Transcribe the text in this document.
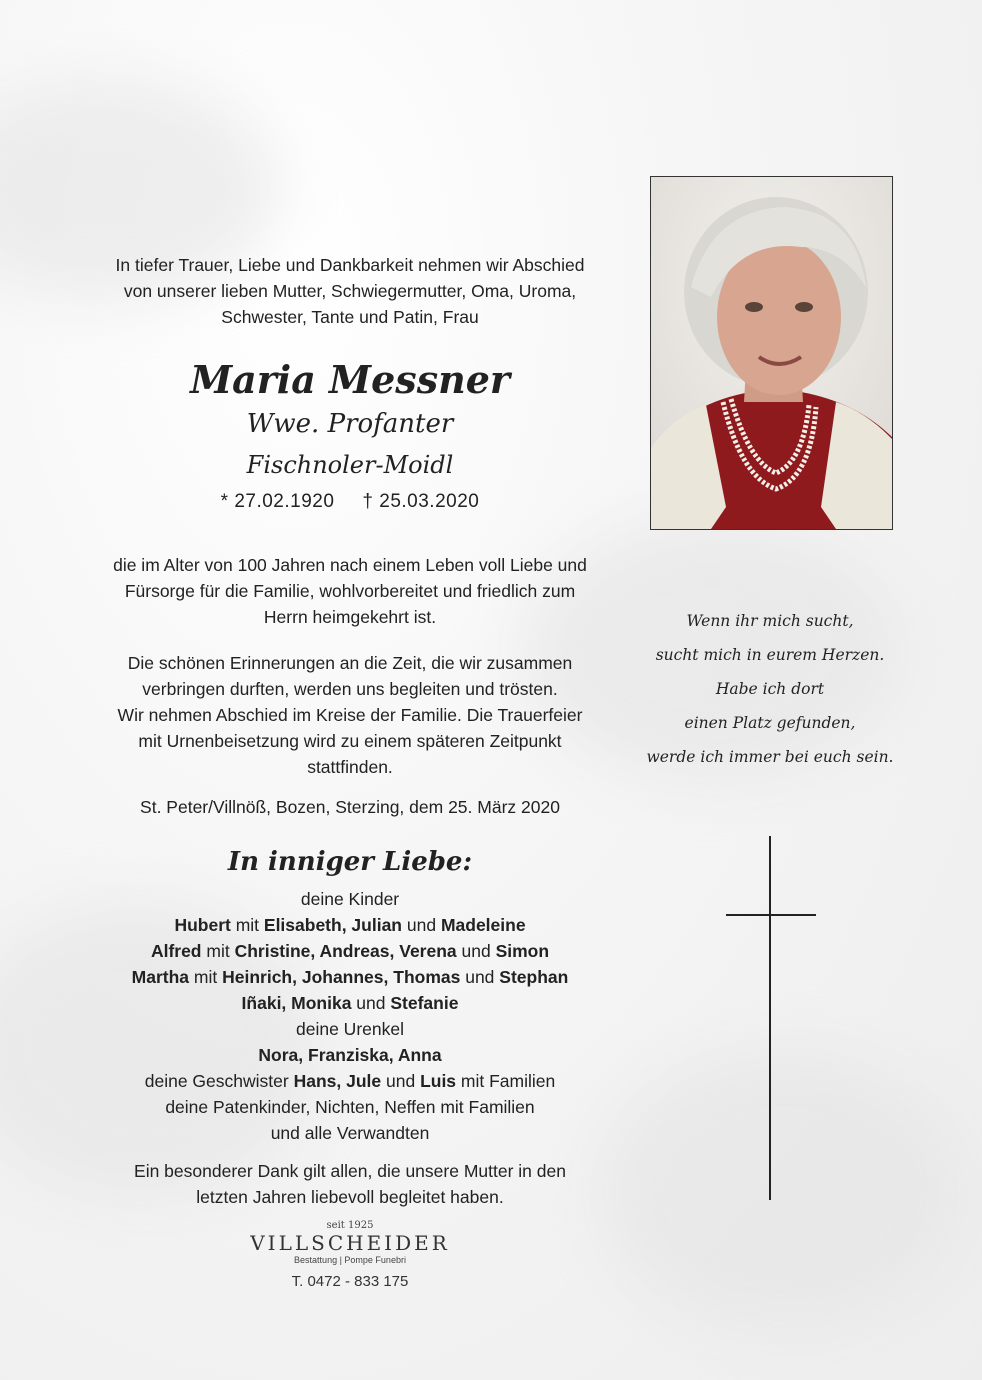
In tiefer Trauer, Liebe und Dankbarkeit nehmen wir Abschied

von unserer lieben Mutter, Schwiegermutter, Oma, Uroma,

Schwester, Tante und Patin, Frau

Maria Messner
Wwe. Profanter
Fischnoler-Moidl
* 27.02.1920 † 25.03.2020

die im Alter von 100 Jahren nach einem Leben voll Liebe und

Fürsorge für die Familie, wohlvorbereitet und friedlich zum

Herrn heimgekehrt ist.

Die schönen Erinnerungen an die Zeit, die wir zusammen

verbringen durften, werden uns begleiten und trösten.

Wir nehmen Abschied im Kreise der Familie. Die Trauerfeier

mit Urnenbeisetzung wird zu einem späteren Zeitpunkt

stattfinden.

St. Peter/Villnöß, Bozen, Sterzing, dem 25. März 2020

In inniger Liebe:

deine Kinder

Hubert mit Elisabeth, Julian und Madeleine

Alfred mit Christine, Andreas, Verena und Simon

Martha mit Heinrich, Johannes, Thomas und Stephan

Iñaki, Monika und Stefanie

deine Urenkel

Nora, Franziska, Anna

deine Geschwister Hans, Jule und Luis mit Familien

deine Patenkinder, Nichten, Neffen mit Familien

und alle Verwandten

Ein besonderer Dank gilt allen, die unsere Mutter in den

letzten Jahren liebevoll begleitet haben.

seit 1925
VILLSCHEIDER
Bestattung | Pompe Funebri
T. 0472 - 833 175
Wenn ihr mich sucht,
sucht mich in eurem Herzen.
Habe ich dort
einen Platz gefunden,
werde ich immer bei euch sein.
